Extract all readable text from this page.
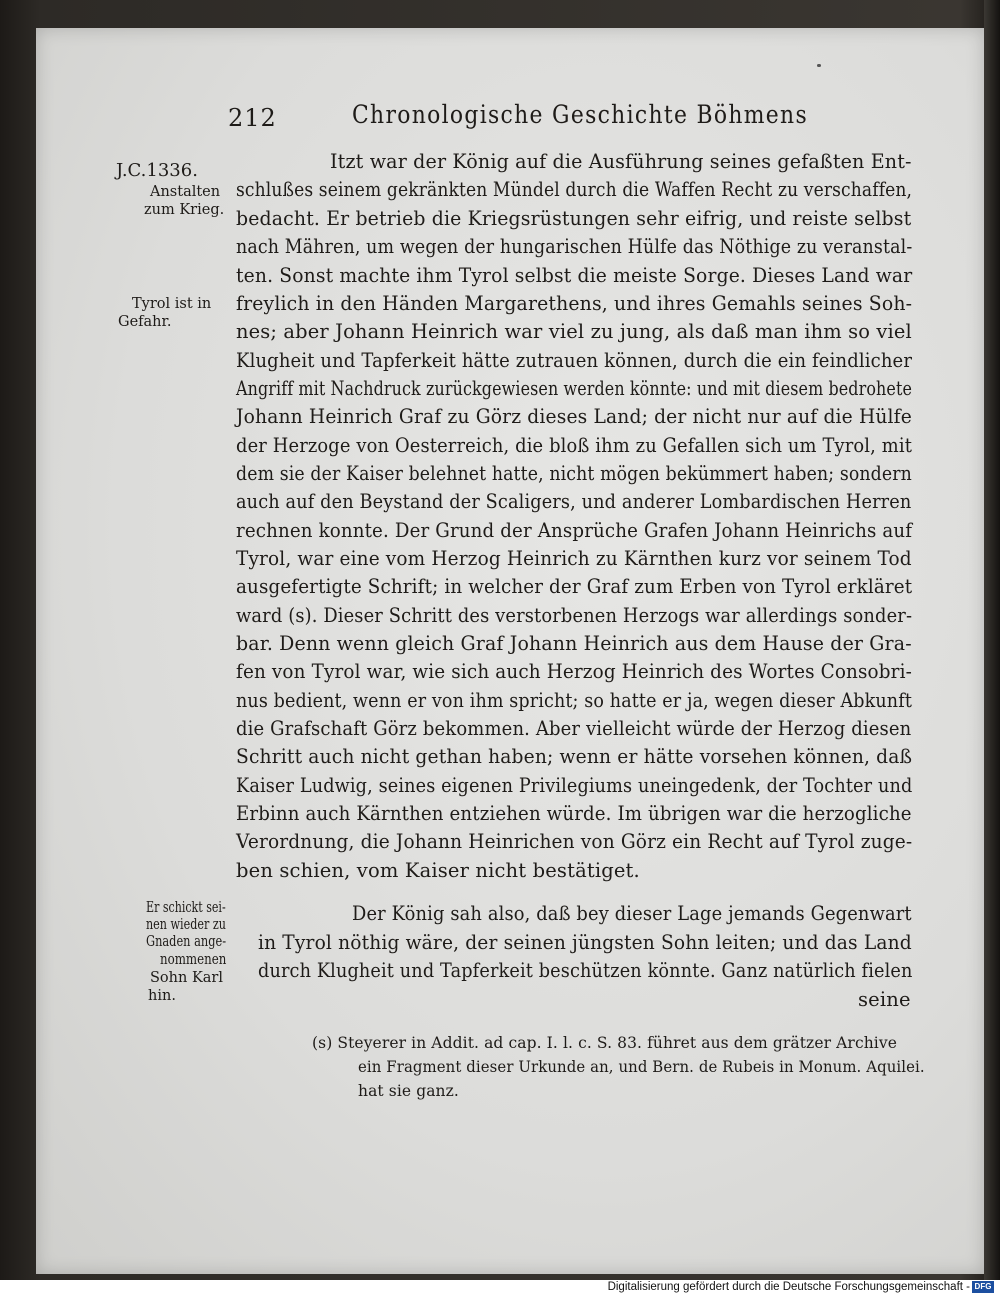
212	Chronologische Geschichte Böhmens
J.C.1336.
Anstalten
zum Krieg.
Tyrol ist in
Gefahr.
Er schickt sei-
nen wieder zu
Gnaden ange-
nommenen
Sohn Karl
hin.
Itzt war der König auf die Ausführung seines gefaßten Ent-
schlußes seinem gekränkten Mündel durch die Waffen Recht zu verschaffen,
bedacht. Er betrieb die Kriegsrüstungen sehr eifrig, und reiste selbst
nach Mähren, um wegen der hungarischen Hülfe das Nöthige zu veranstal-
ten. Sonst machte ihm Tyrol selbst die meiste Sorge. Dieses Land war
freylich in den Händen Margarethens, und ihres Gemahls seines Soh-
nes; aber Johann Heinrich war viel zu jung, als daß man ihm so viel
Klugheit und Tapferkeit hätte zutrauen können, durch die ein feindlicher
Angriff mit Nachdruck zurückgewiesen werden könnte: und mit diesem bedrohete
Johann Heinrich Graf zu Görz dieses Land; der nicht nur auf die Hülfe
der Herzoge von Oesterreich, die bloß ihm zu Gefallen sich um Tyrol, mit
dem sie der Kaiser belehnet hatte, nicht mögen bekümmert haben; sondern
auch auf den Beystand der Scaligers, und anderer Lombardischen Herren
rechnen konnte. Der Grund der Ansprüche Grafen Johann Heinrichs auf
Tyrol, war eine vom Herzog Heinrich zu Kärnthen kurz vor seinem Tod
ausgefertigte Schrift; in welcher der Graf zum Erben von Tyrol erkläret
ward (s). Dieser Schritt des verstorbenen Herzogs war allerdings sonder-
bar. Denn wenn gleich Graf Johann Heinrich aus dem Hause der Gra-
fen von Tyrol war, wie sich auch Herzog Heinrich des Wortes Consobri-
nus bedient, wenn er von ihm spricht; so hatte er ja, wegen dieser Abkunft
die Grafschaft Görz bekommen. Aber vielleicht würde der Herzog diesen
Schritt auch nicht gethan haben; wenn er hätte vorsehen können, daß
Kaiser Ludwig, seines eigenen Privilegiums uneingedenk, der Tochter und
Erbinn auch Kärnthen entziehen würde. Im übrigen war die herzogliche
Verordnung, die Johann Heinrichen von Görz ein Recht auf Tyrol zuge-
ben schien, vom Kaiser nicht bestätiget.
Der König sah also, daß bey dieser Lage jemands Gegenwart
in Tyrol nöthig wäre, der seinen jüngsten Sohn leiten; und das Land
durch Klugheit und Tapferkeit beschützen könnte. Ganz natürlich fielen
seine
(s) Steyerer in Addit. ad cap. I. l. c. S. 83. führet aus dem grätzer Archive
ein Fragment dieser Urkunde an, und Bern. de Rubeis in Monum. Aquilei.
hat sie ganz.
Digitalisierung gefördert durch die Deutsche Forschungsgemeinschaft - DFG
